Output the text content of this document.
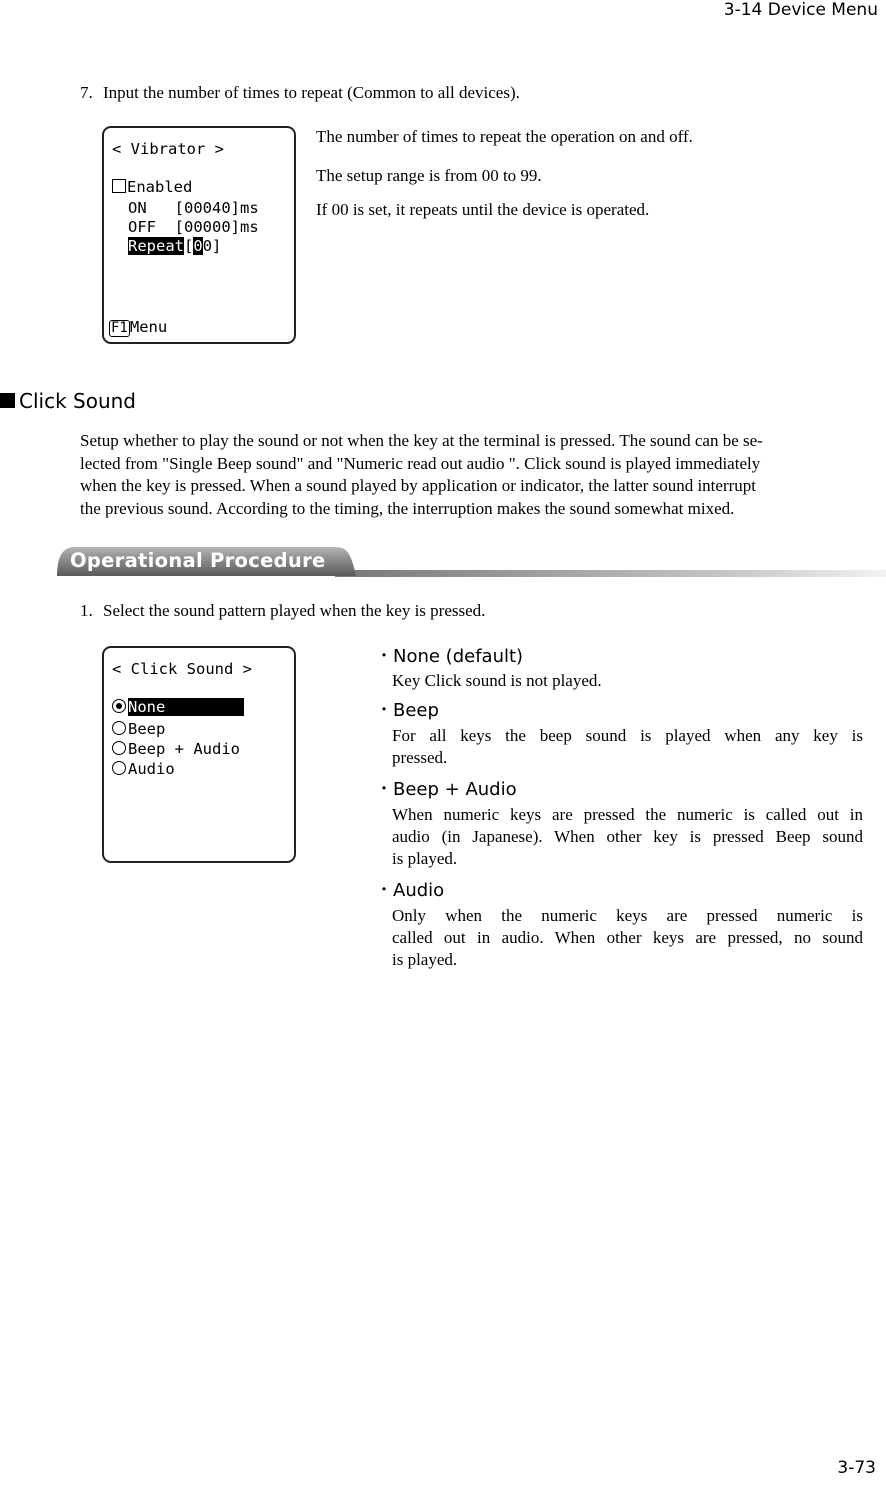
3-14 Device Menu
3-73
7. Input the number of times to repeat (Common to all devices).
< Vibrator >
Enabled
ON [00040]ms
OFF [00000]ms
Repeat[00]
F1 Menu
The number of times to repeat the operation on and off.
The setup range is from 00 to 99.
If 00 is set, it repeats until the device is operated.
Click Sound

Setup whether to play the sound or not when the key at the terminal is pressed. The sound can be se-

lected from "Single Beep sound" and "Numeric read out audio ". Click sound is played immediately

when the key is pressed. When a sound played by application or indicator, the latter sound interrupt

the previous sound. According to the timing, the interruption makes the sound somewhat mixed.

Operational Procedure
1. Select the sound pattern played when the key is pressed.
< Click Sound >
None
Beep
Beep + Audio
Audio
・None (default)
Key Click sound is not played.
・Beep
For all keys the beep sound is played when any key is
pressed.
・Beep + Audio
When numeric keys are pressed the numeric is called out in
audio (in Japanese). When other key is pressed Beep sound
is played.
・Audio
Only when the numeric keys are pressed numeric is
called out in audio. When other keys are pressed, no sound
is played.
